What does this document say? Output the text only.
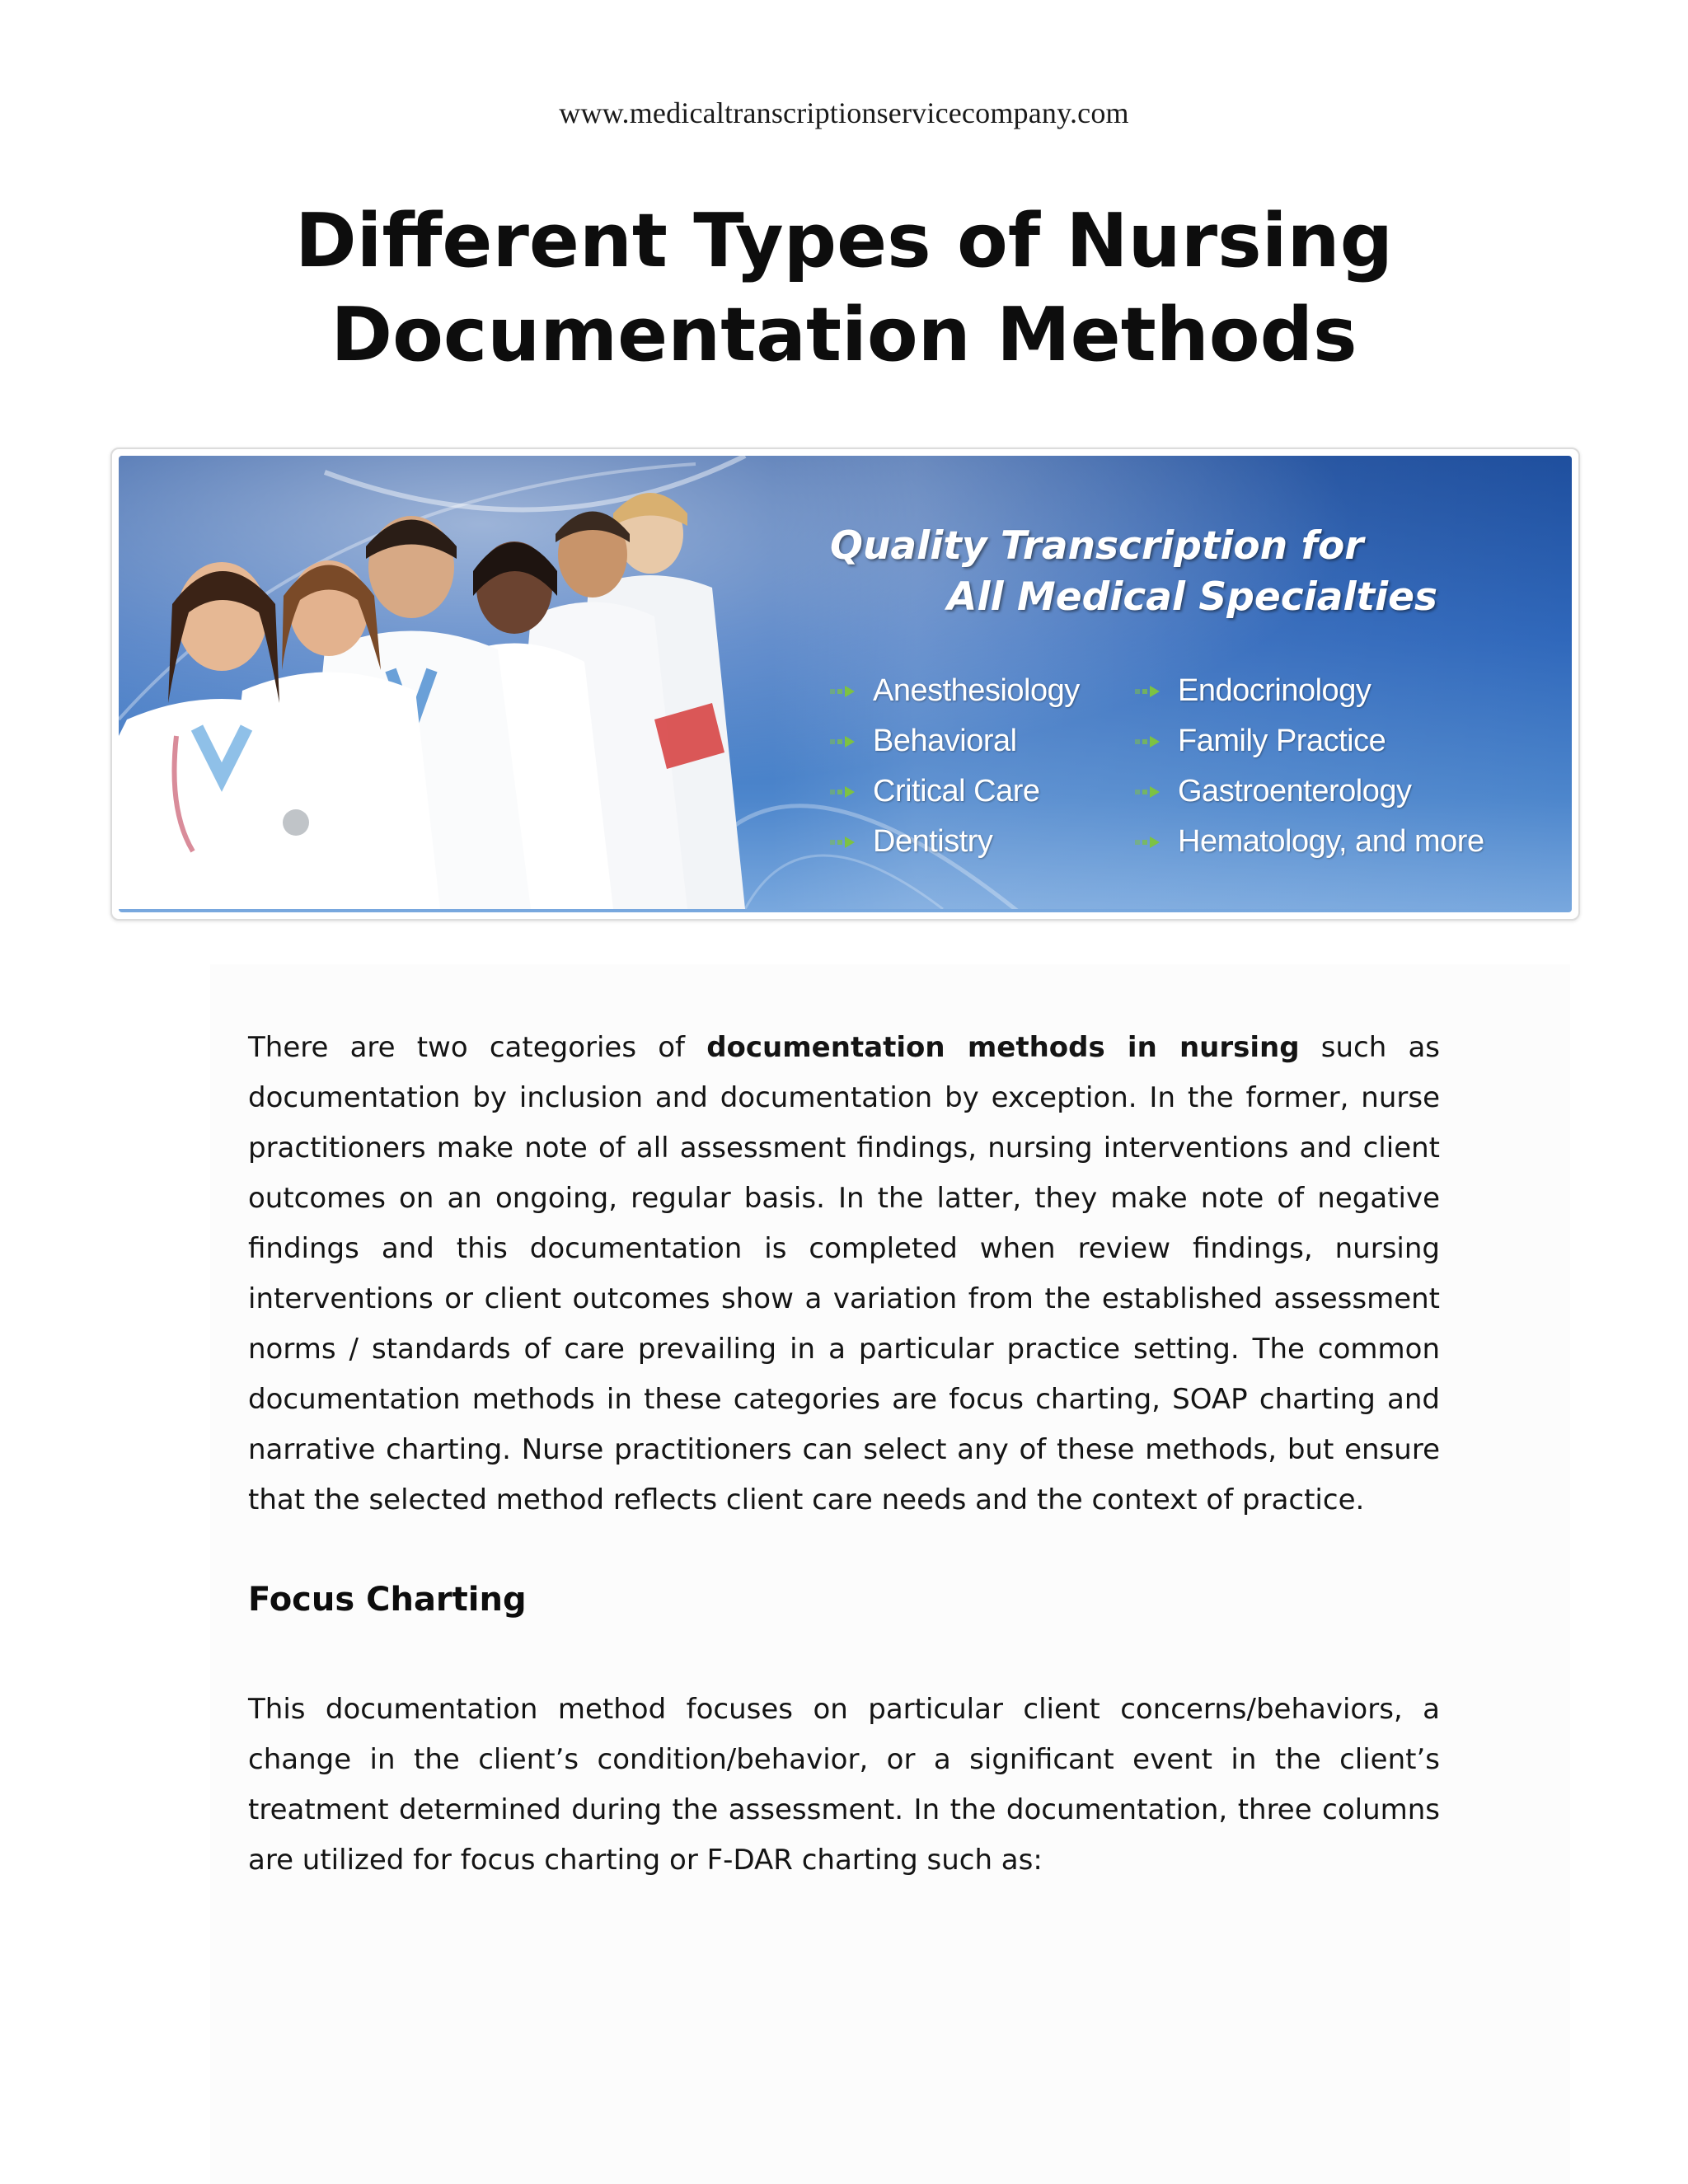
www.medicaltranscriptionservicecompany.com
Different Types of Nursing
Documentation Methods
Quality Transcription for
All Medical Specialties
Anesthesiology
Behavioral
Critical Care
Dentistry
Endocrinology
Family Practice
Gastroenterology
Hematology, and more

There are two categories of documentation methods in nursing such as documentation by inclusion and documentation by exception. In the former, nurse practitioners make note of all assessment findings, nursing interventions and client outcomes on an ongoing, regular basis. In the latter, they make note of negative findings and this documentation is completed when review findings, nursing interventions or client outcomes show a variation from the established assessment norms / standards of care prevailing in a particular practice setting. The common documentation methods in these categories are focus charting, SOAP charting and narrative charting. Nurse practitioners can select any of these methods, but ensure that the selected method reflects client care needs and the context of practice.

Focus Charting

This documentation method focuses on particular client concerns/behaviors, a change in the client’s condition/behavior, or a significant event in the client’s treatment determined during the assessment. In the documentation, three columns are utilized for focus charting or F-DAR charting such as:
